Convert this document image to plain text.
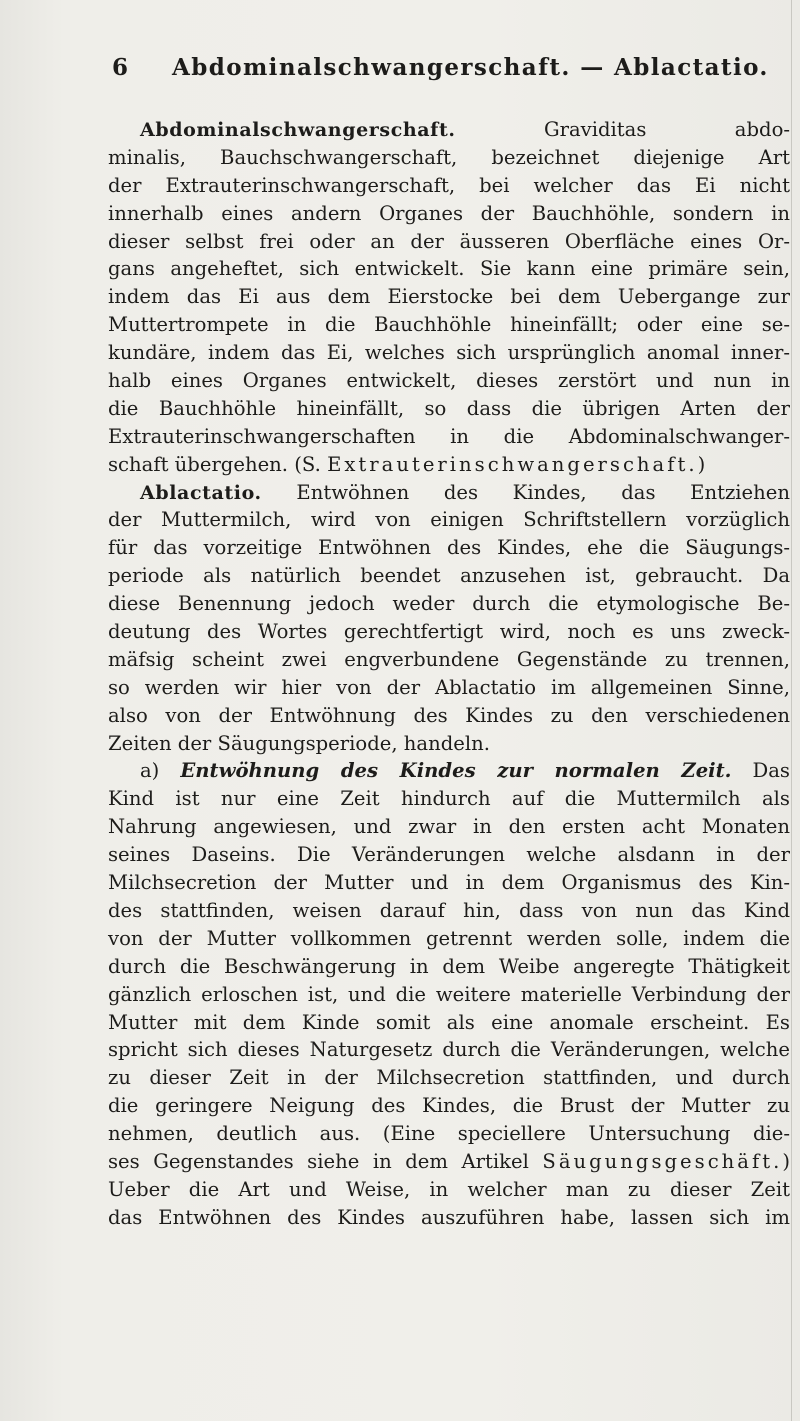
6 Abdominalschwangerschaft. — Ablactatio.
Abdominalschwangerschaft. Graviditas abdo-
minalis, Bauchschwangerschaft, bezeichnet diejenige Art
der Extrauterinschwangerschaft, bei welcher das Ei nicht
innerhalb eines andern Organes der Bauchhöhle, sondern in
dieser selbst frei oder an der äusseren Oberfläche eines Or-
gans angeheftet, sich entwickelt. Sie kann eine primäre sein,
indem das Ei aus dem Eierstocke bei dem Uebergange zur
Muttertrompete in die Bauchhöhle hineinfällt; oder eine se-
kundäre, indem das Ei, welches sich ursprünglich anomal inner-
halb eines Organes entwickelt, dieses zerstört und nun in
die Bauchhöhle hineinfällt, so dass die übrigen Arten der
Extrauterinschwangerschaften in die Abdominalschwanger-
schaft übergehen. (S. Extrauterinschwangerschaft.)
Ablactatio. Entwöhnen des Kindes, das Entziehen
der Muttermilch, wird von einigen Schriftstellern vorzüglich
für das vorzeitige Entwöhnen des Kindes, ehe die Säugungs-
periode als natürlich beendet anzusehen ist, gebraucht. Da
diese Benennung jedoch weder durch die etymologische Be-
deutung des Wortes gerechtfertigt wird, noch es uns zweck-
mäfsig scheint zwei engverbundene Gegenstände zu trennen,
so werden wir hier von der Ablactatio im allgemeinen Sinne,
also von der Entwöhnung des Kindes zu den verschiedenen
Zeiten der Säugungsperiode, handeln.
a) Entwöhnung des Kindes zur normalen Zeit. Das
Kind ist nur eine Zeit hindurch auf die Muttermilch als
Nahrung angewiesen, und zwar in den ersten acht Monaten
seines Daseins. Die Veränderungen welche alsdann in der
Milchsecretion der Mutter und in dem Organismus des Kin-
des stattfinden, weisen darauf hin, dass von nun das Kind
von der Mutter vollkommen getrennt werden solle, indem die
durch die Beschwängerung in dem Weibe angeregte Thätigkeit
gänzlich erloschen ist, und die weitere materielle Verbindung der
Mutter mit dem Kinde somit als eine anomale erscheint. Es
spricht sich dieses Naturgesetz durch die Veränderungen, welche
zu dieser Zeit in der Milchsecretion stattfinden, und durch
die geringere Neigung des Kindes, die Brust der Mutter zu
nehmen, deutlich aus. (Eine speciellere Untersuchung die-
ses Gegenstandes siehe in dem Artikel Säugungsgeschäft.)
Ueber die Art und Weise, in welcher man zu dieser Zeit
das Entwöhnen des Kindes auszuführen habe, lassen sich im
